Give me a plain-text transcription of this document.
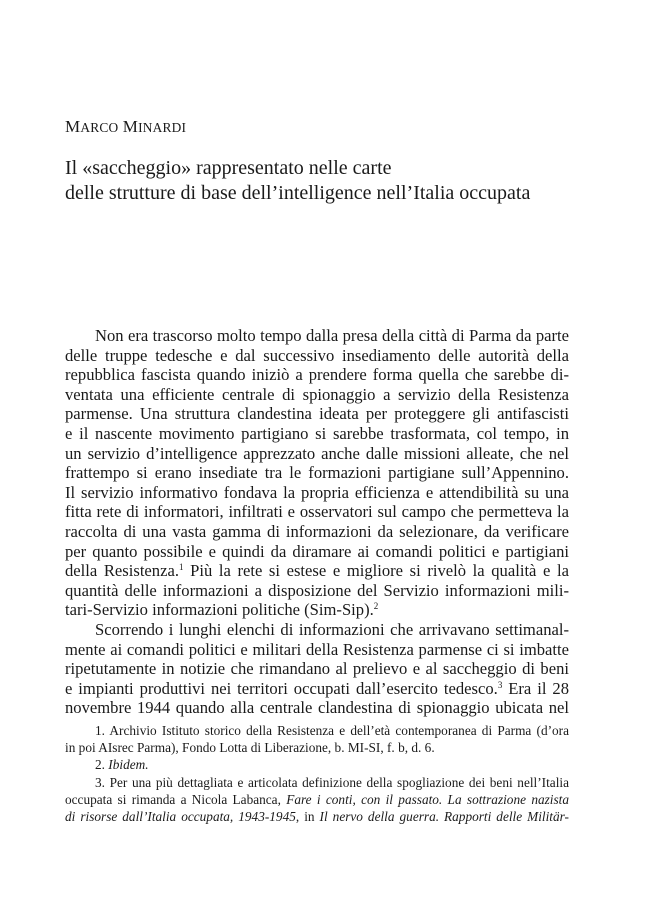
MARCO MINARDI
Il «saccheggio» rappresentato nelle carte
delle strutture di base dell’intelligence nell’Italia occupata
Non era trascorso molto tempo dalla presa della città di Parma da parte
delle truppe tedesche e dal successivo insediamento delle autorità della
repubblica fascista quando iniziò a prendere forma quella che sarebbe di-
ventata una efficiente centrale di spionaggio a servizio della Resistenza
parmense. Una struttura clandestina ideata per proteggere gli antifascisti
e il nascente movimento partigiano si sarebbe trasformata, col tempo, in
un servizio d’intelligence apprezzato anche dalle missioni alleate, che nel
frattempo si erano insediate tra le formazioni partigiane sull’Appennino.
Il servizio informativo fondava la propria efficienza e attendibilità su una
fitta rete di informatori, infiltrati e osservatori sul campo che permetteva la
raccolta di una vasta gamma di informazioni da selezionare, da verificare
per quanto possibile e quindi da diramare ai comandi politici e partigiani
della Resistenza.$^1$ Più la rete si estese e migliore si rivelò la qualità e la
quantità delle informazioni a disposizione del Servizio informazioni mili-
tari-Servizio informazioni politiche (Sim-Sip).$^2$
Scorrendo i lunghi elenchi di informazioni che arrivavano settimanal-
mente ai comandi politici e militari della Resistenza parmense ci si imbatte
ripetutamente in notizie che rimandano al prelievo e al saccheggio di beni
e impianti produttivi nei territori occupati dall’esercito tedesco.$^3$ Era il 28
novembre 1944 quando alla centrale clandestina di spionaggio ubicata nel
1. Archivio Istituto storico della Resistenza e dell’età contemporanea di Parma (d’ora
in poi AIsrec Parma), Fondo Lotta di Liberazione, b. MI-SI, f. b, d. 6.
2. Ibidem.
3. Per una più dettagliata e articolata definizione della spogliazione dei beni nell’Italia
occupata si rimanda a Nicola Labanca, Fare i conti, con il passato. La sottrazione nazista
di risorse dall’Italia occupata, 1943-1945, in Il nervo della guerra. Rapporti delle Militär-
